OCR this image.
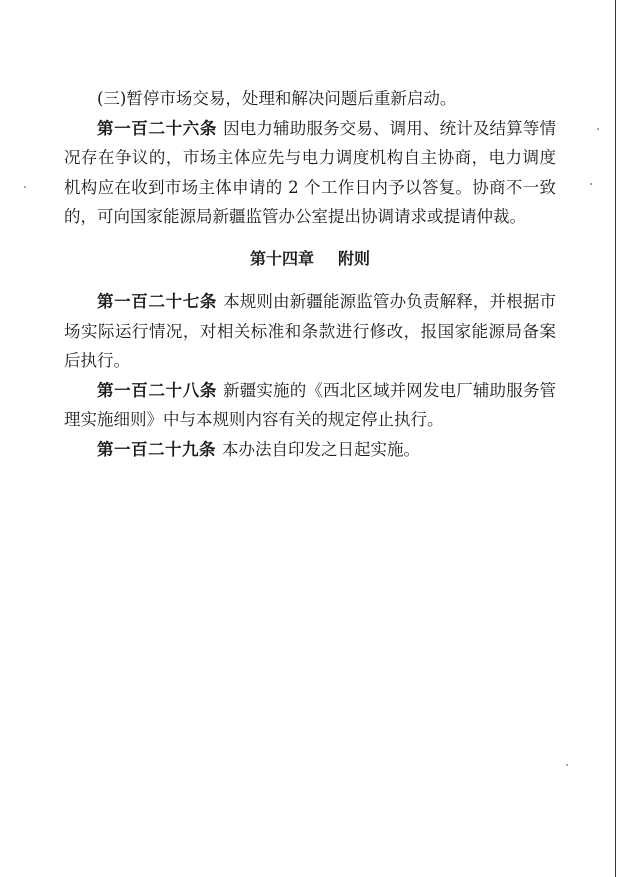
(三)暂停市场交易，处理和解决问题后重新启动。

第一百二十六条 因电力辅助服务交易、调用、统计及结算等情况存在争议的，市场主体应先与电力调度机构自主协商，电力调度机构应在收到市场主体申请的 2 个工作日内予以答复。协商不一致的，可向国家能源局新疆监管办公室提出协调请求或提请仲裁。

第十四章 附则

第一百二十七条 本规则由新疆能源监管办负责解释，并根据市场实际运行情况，对相关标准和条款进行修改，报国家能源局备案后执行。

第一百二十八条 新疆实施的《西北区域并网发电厂辅助服务管理实施细则》中与本规则内容有关的规定停止执行。

第一百二十九条 本办法自印发之日起实施。
